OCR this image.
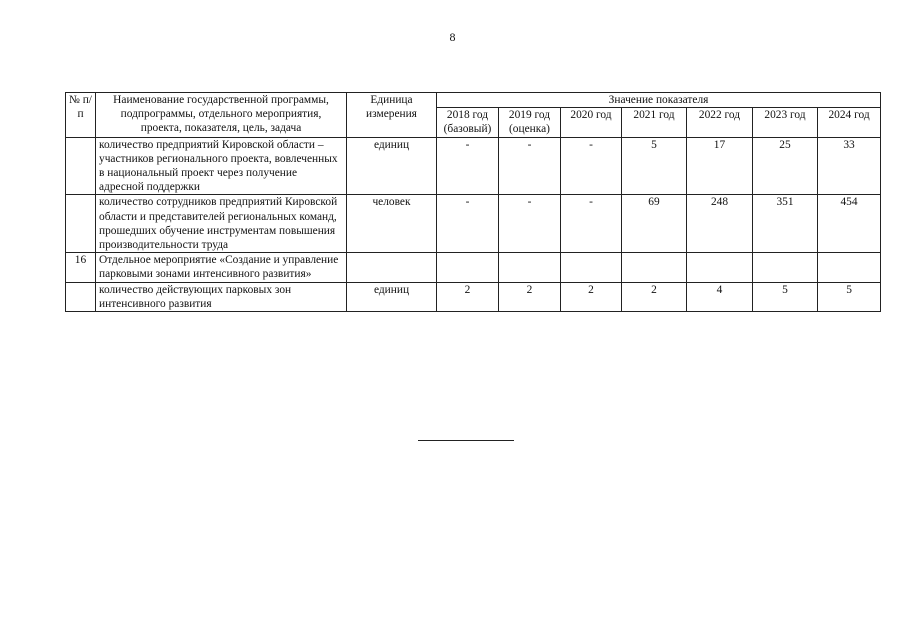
8
№ п/п	Наименование государственной программы, подпрограммы, отдельного мероприятия, проекта, показателя, цель, задача	Единица измерения	Значение показателя						
			2018 год (базовый)	2019 год (оценка)	2020 год	2021 год	2022 год	2023 год	2024 год
	количество предприятий Кировской области – участников регионального проекта, вовлеченных в национальный проект через получение адресной поддержки	единиц	-	-	-	5	17	25	33
	количество сотрудников предприятий Кировской области и представителей региональных команд, прошедших обучение инструментам повышения производительности труда	человек	-	-	-	69	248	351	454
16	Отдельное мероприятие «Создание и управление парковыми зонами интенсивного развития»								
	количество действующих парковых зон интенсивного развития	единиц	2	2	2	2	4	5	5
